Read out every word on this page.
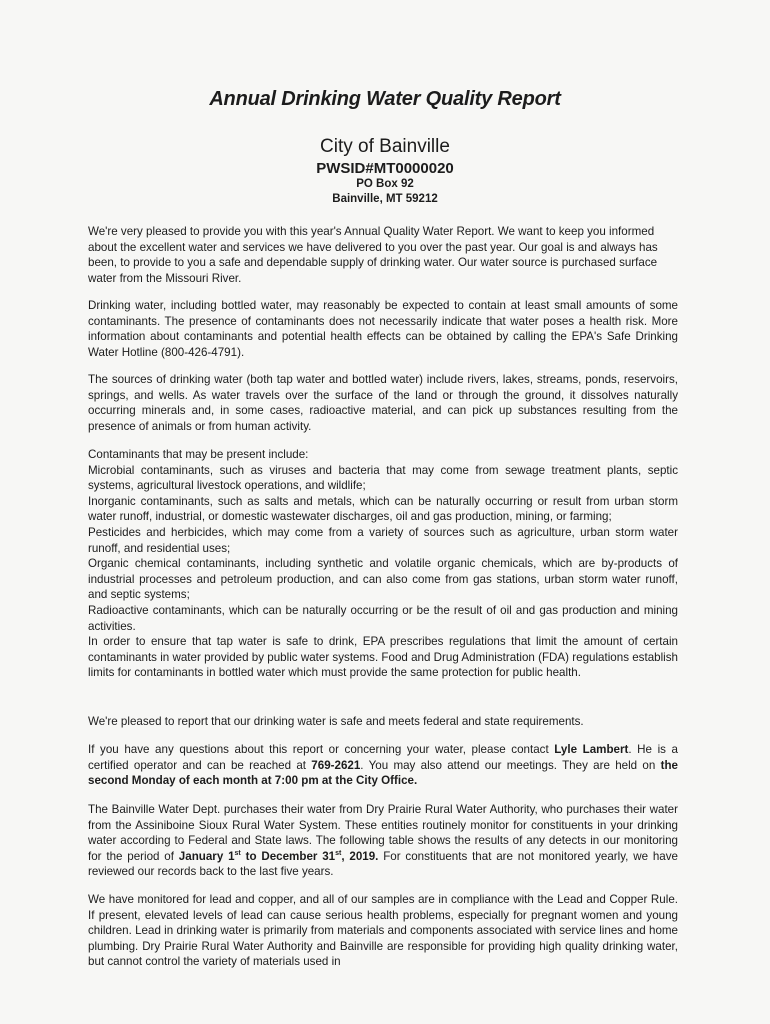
Annual Drinking Water Quality Report
City of Bainville
PWSID#MT0000020
PO Box 92
Bainville, MT 59212

We're very pleased to provide you with this year's Annual Quality Water Report. We want to keep you informed about the excellent water and services we have delivered to you over the past year. Our goal is and always has been, to provide to you a safe and dependable supply of drinking water. Our water source is purchased surface water from the Missouri River.

Drinking water, including bottled water, may reasonably be expected to contain at least small amounts of some contaminants. The presence of contaminants does not necessarily indicate that water poses a health risk. More information about contaminants and potential health effects can be obtained by calling the EPA's Safe Drinking Water Hotline (800-426-4791).

The sources of drinking water (both tap water and bottled water) include rivers, lakes, streams, ponds, reservoirs, springs, and wells. As water travels over the surface of the land or through the ground, it dissolves naturally occurring minerals and, in some cases, radioactive material, and can pick up substances resulting from the presence of animals or from human activity.

Contaminants that may be present include:
Microbial contaminants, such as viruses and bacteria that may come from sewage treatment plants, septic systems, agricultural livestock operations, and wildlife;
Inorganic contaminants, such as salts and metals, which can be naturally occurring or result from urban storm water runoff, industrial, or domestic wastewater discharges, oil and gas production, mining, or farming;
Pesticides and herbicides, which may come from a variety of sources such as agriculture, urban storm water runoff, and residential uses;
Organic chemical contaminants, including synthetic and volatile organic chemicals, which are by-products of industrial processes and petroleum production, and can also come from gas stations, urban storm water runoff, and septic systems;
Radioactive contaminants, which can be naturally occurring or be the result of oil and gas production and mining activities.
In order to ensure that tap water is safe to drink, EPA prescribes regulations that limit the amount of certain contaminants in water provided by public water systems. Food and Drug Administration (FDA) regulations establish limits for contaminants in bottled water which must provide the same protection for public health.

We're pleased to report that our drinking water is safe and meets federal and state requirements.

If you have any questions about this report or concerning your water, please contact Lyle Lambert. He is a certified operator and can be reached at 769-2621. You may also attend our meetings. They are held on the second Monday of each month at 7:00 pm at the City Office.

The Bainville Water Dept. purchases their water from Dry Prairie Rural Water Authority, who purchases their water from the Assiniboine Sioux Rural Water System. These entities routinely monitor for constituents in your drinking water according to Federal and State laws. The following table shows the results of any detects in our monitoring for the period of January 1st to December 31st, 2019. For constituents that are not monitored yearly, we have reviewed our records back to the last five years.

We have monitored for lead and copper, and all of our samples are in compliance with the Lead and Copper Rule. If present, elevated levels of lead can cause serious health problems, especially for pregnant women and young children. Lead in drinking water is primarily from materials and components associated with service lines and home plumbing. Dry Prairie Rural Water Authority and Bainville are responsible for providing high quality drinking water, but cannot control the variety of materials used in
